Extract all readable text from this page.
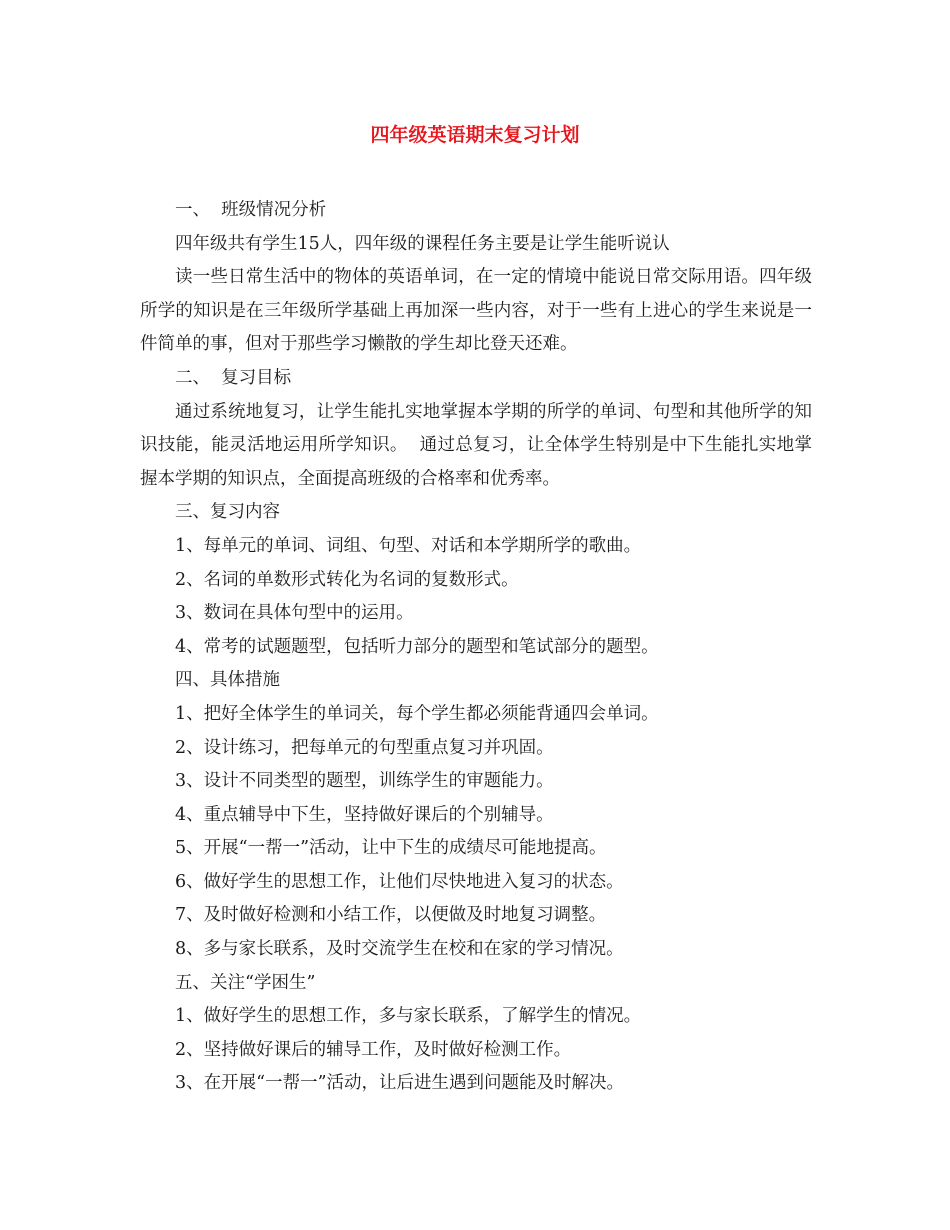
四年级英语期末复习计划

一、  班级情况分析

四年级共有学生15人，四年级的课程任务主要是让学生能听说认

读一些日常生活中的物体的英语单词，在一定的情境中能说日常交际用语。四年级所学的知识是在三年级所学基础上再加深一些内容，对于一些有上进心的学生来说是一件简单的事，但对于那些学习懒散的学生却比登天还难。

二、  复习目标

通过系统地复习，让学生能扎实地掌握本学期的所学的单词、句型和其他所学的知识技能，能灵活地运用所学知识。  通过总复习，让全体学生特别是中下生能扎实地掌握本学期的知识点，全面提高班级的合格率和优秀率。

三、复习内容

1、每单元的单词、词组、句型、对话和本学期所学的歌曲。

2、名词的单数形式转化为名词的复数形式。

3、数词在具体句型中的运用。

4、常考的试题题型，包括听力部分的题型和笔试部分的题型。

四、具体措施

1、把好全体学生的单词关，每个学生都必须能背通四会单词。

2、设计练习，把每单元的句型重点复习并巩固。

3、设计不同类型的题型，训练学生的审题能力。

4、重点辅导中下生，坚持做好课后的个别辅导。

5、开展“一帮一”活动，让中下生的成绩尽可能地提高。

6、做好学生的思想工作，让他们尽快地进入复习的状态。

7、及时做好检测和小结工作，以便做及时地复习调整。

8、多与家长联系，及时交流学生在校和在家的学习情况。

五、关注“学困生”

1、做好学生的思想工作，多与家长联系，了解学生的情况。

2、坚持做好课后的辅导工作，及时做好检测工作。

3、在开展“一帮一”活动，让后进生遇到问题能及时解决。
